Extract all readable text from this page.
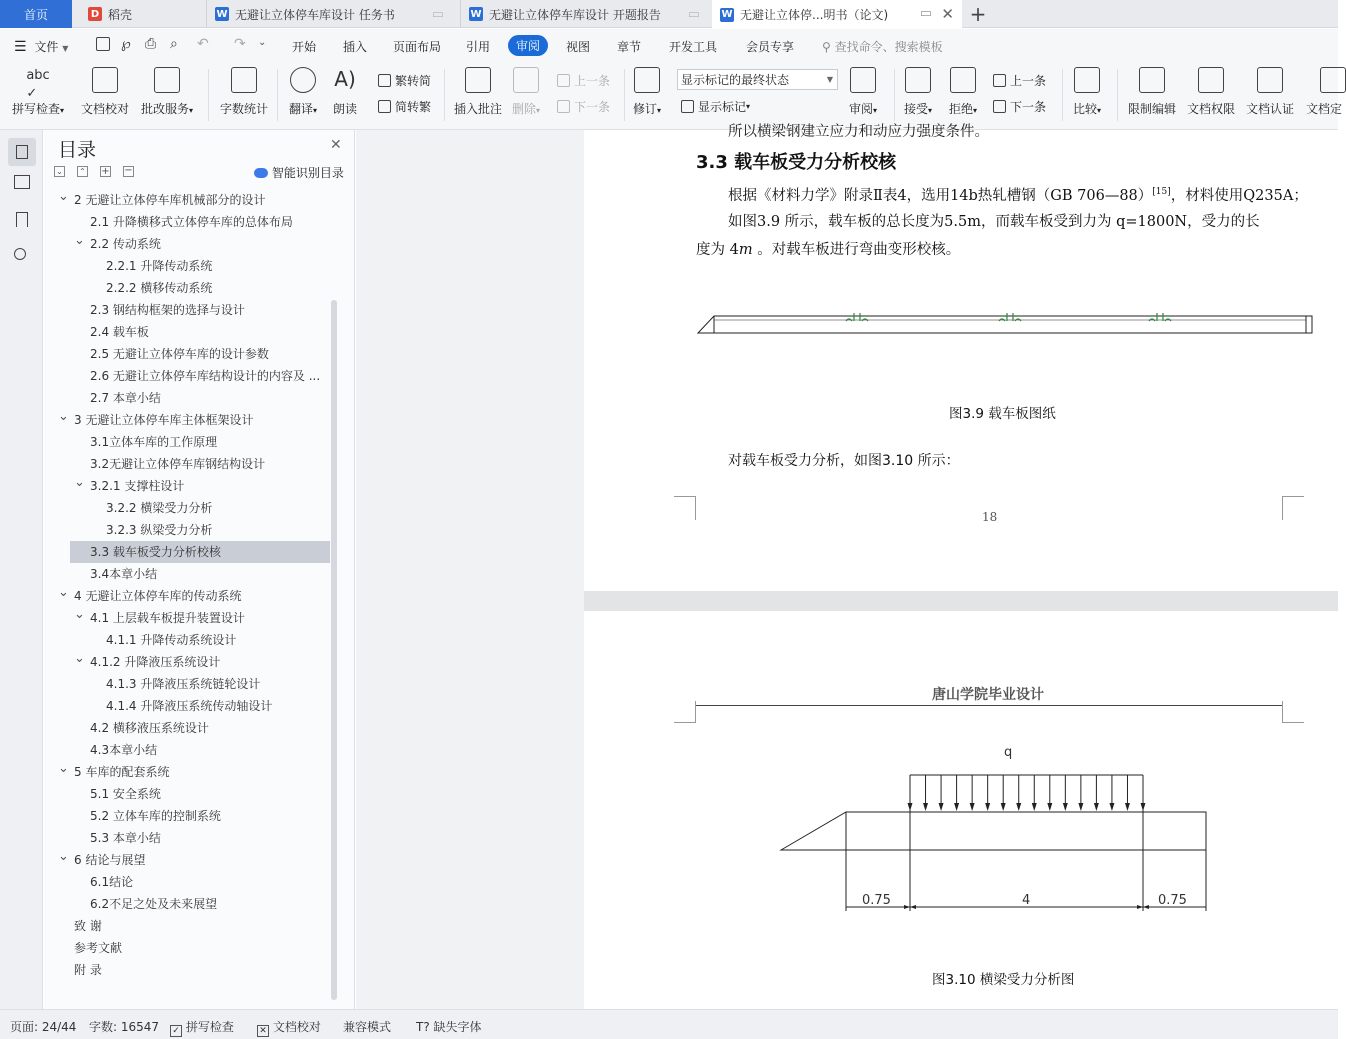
首页	D 稻壳	W 无避让立体停车库设计 任务书	▭	W 无避让立体停车库设计 开题报告 ▭ W 无避让立体停...明书（论文) ▭ ✕ +
☰ 文件 ▼	℘ ⎙ ⌕ ↶ ↷ ⌄ 开始 插入 页面布局 引用	审阅	视图 章节 开发工具 会员专享 ⚲ 查找命令、搜索模板
abc
✓
拼写检查▾ 文档校对 批改服务▾ 字数统计 翻译▾
A)
朗读
繁转简
简转繁 插入批注 删除▾
上一条
下一条 修订▾
显示标记的最终状态	▼
显示标记 ▾	审阅▾ 接受▾ 拒绝▾
上一条
下一条 比较▾ 限制编辑 文档权限 文档认证 文档定
目录	✕
⌄ ⌃ + −	智能识别目录
⌄ 2 无避让立体停车库机械部分的设计
2.1 升降横移式立体停车库的总体布局
⌄ 2.2 传动系统
2.2.1 升降传动系统
2.2.2 横移传动系统
2.3 钢结构框架的选择与设计
2.4 载车板
2.5 无避让立体停车库的设计参数
2.6 无避让立体停车库结构设计的内容及 ...
2.7 本章小结
⌄ 3 无避让立体停车库主体框架设计
3.1立体车库的工作原理
3.2无避让立体停车库钢结构设计
⌄ 3.2.1 支撑柱设计
3.2.2 横梁受力分析
3.2.3 纵梁受力分析
3.3 载车板受力分析校核
3.4本章小结
⌄ 4 无避让立体停车库的传动系统
⌄ 4.1 上层载车板提升装置设计
4.1.1 升降传动系统设计
⌄ 4.1.2 升降液压系统设计
4.1.3 升降液压系统链轮设计
4.1.4 升降液压系统传动轴设计
4.2 横移液压系统设计
4.3本章小结
⌄ 5 车库的配套系统
5.1 安全系统
5.2 立体车库的控制系统
5.3 本章小结
⌄ 6 结论与展望
6.1结论
6.2不足之处及未来展望
致 谢
参考文献
附 录
所以横梁钢建立应力和动应力强度条件。
3.3 载车板受力分析校核
根据《材料力学》附录Ⅱ表4，选用14b热轧槽钢（GB 706—88）[15]，材料使用Q235A；
如图3.9 所示，载车板的总长度为5.5m，而载车板受到力为 q=1800N，受力的长
度为 4m 。对载车板进行弯曲变形校核。
图3.9 载车板图纸
对载车板受力分析，如图3.10 所示：
18
唐山学院毕业设计
q
0.75	4	0.75
图3.10 横梁受力分析图
页面: 24/44 字数: 16547 ✓ 拼写检查	✕ 文档校对 兼容模式 T? 缺失字体
